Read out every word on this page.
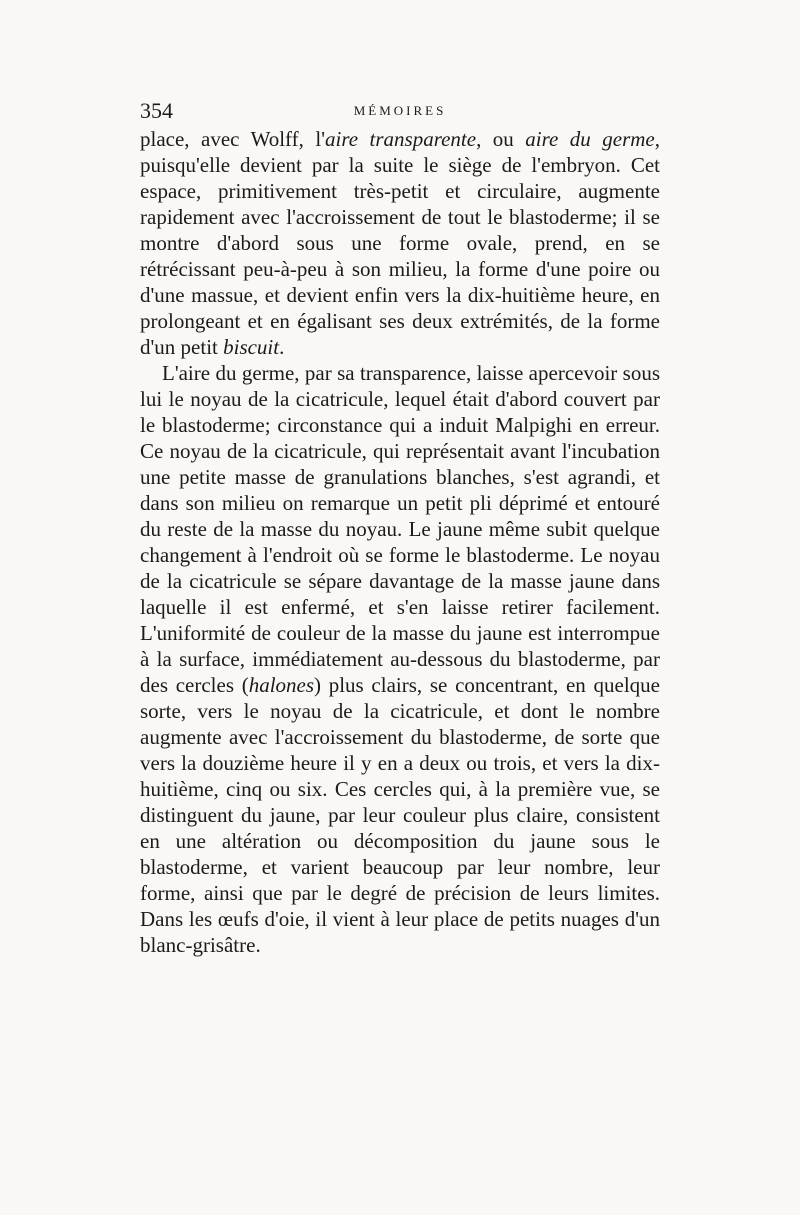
354	MÉMOIRES

place, avec Wolff, l'aire transparente, ou aire du germe, puisqu'elle devient par la suite le siège de l'embryon. Cet espace, primitivement très-petit et circulaire, augmente rapidement avec l'accroissement de tout le blastoderme; il se montre d'abord sous une forme ovale, prend, en se rétrécissant peu-à-peu à son milieu, la forme d'une poire ou d'une massue, et devient enfin vers la dix-huitième heure, en prolongeant et en égalisant ses deux extrémités, de la forme d'un petit biscuit.

L'aire du germe, par sa transparence, laisse apercevoir sous lui le noyau de la cicatricule, lequel était d'abord couvert par le blastoderme; circonstance qui a induit Malpighi en erreur. Ce noyau de la cicatricule, qui représentait avant l'incubation une petite masse de granulations blanches, s'est agrandi, et dans son milieu on remarque un petit pli déprimé et entouré du reste de la masse du noyau. Le jaune même subit quelque changement à l'endroit où se forme le blastoderme. Le noyau de la cicatricule se sépare davantage de la masse jaune dans laquelle il est enfermé, et s'en laisse retirer facilement. L'uniformité de couleur de la masse du jaune est interrompue à la surface, immédiatement au-dessous du blastoderme, par des cercles (halones) plus clairs, se concentrant, en quelque sorte, vers le noyau de la cicatricule, et dont le nombre augmente avec l'accroissement du blastoderme, de sorte que vers la douzième heure il y en a deux ou trois, et vers la dix-huitième, cinq ou six. Ces cercles qui, à la première vue, se distinguent du jaune, par leur couleur plus claire, consistent en une altération ou décomposition du jaune sous le blastoderme, et varient beaucoup par leur nombre, leur forme, ainsi que par le degré de précision de leurs limites. Dans les œufs d'oie, il vient à leur place de petits nuages d'un blanc-grisâtre.
